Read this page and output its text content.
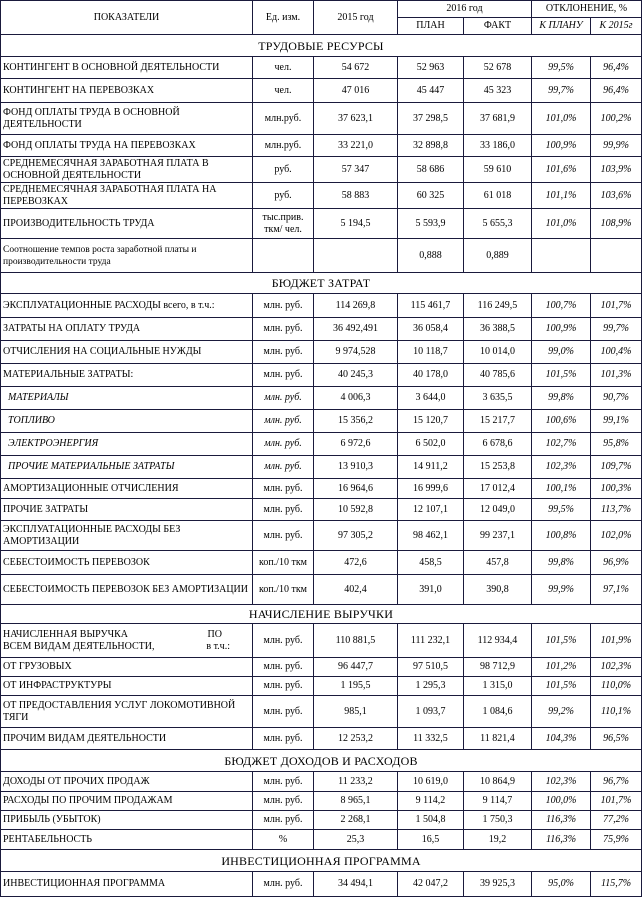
ПОКАЗАТЕЛИ	Ед. изм.	2015 год	2016 год		ОТКЛОНЕНИЕ, %	
			ПЛАН	ФАКТ	К ПЛАНУ	К 2015г
ТРУДОВЫЕ РЕСУРСЫ						
КОНТИНГЕНТ В ОСНОВНОЙ ДЕЯТЕЛЬНОСТИ	чел.	54 672	52 963	52 678	99,5%	96,4%
КОНТИНГЕНТ НА ПЕРЕВОЗКАХ	чел.	47 016	45 447	45 323	99,7%	96,4%
ФОНД ОПЛАТЫ ТРУДА В ОСНОВНОЙ ДЕЯТЕЛЬНОСТИ	млн.руб.	37 623,1	37 298,5	37 681,9	101,0%	100,2%
ФОНД ОПЛАТЫ ТРУДА НА ПЕРЕВОЗКАХ	млн.руб.	33 221,0	32 898,8	33 186,0	100,9%	99,9%
СРЕДНЕМЕСЯЧНАЯ ЗАРАБОТНАЯ ПЛАТА В ОСНОВНОЙ ДЕЯТЕЛЬНОСТИ	руб.	57 347	58 686	59 610	101,6%	103,9%
СРЕДНЕМЕСЯЧНАЯ ЗАРАБОТНАЯ ПЛАТА НА ПЕРЕВОЗКАХ	руб.	58 883	60 325	61 018	101,1%	103,6%
ПРОИЗВОДИТЕЛЬНОСТЬ ТРУДА	тыс.прив. ткм/ чел.	5 194,5	5 593,9	5 655,3	101,0%	108,9%
Соотношение темпов роста заработной платы и производительности труда			0,888	0,889		
БЮДЖЕТ ЗАТРАТ						
ЭКСПЛУАТАЦИОННЫЕ РАСХОДЫ всего, в т.ч.:	млн. руб.	114 269,8	115 461,7	116 249,5	100,7%	101,7%
ЗАТРАТЫ НА ОПЛАТУ ТРУДА	млн. руб.	36 492,491	36 058,4	36 388,5	100,9%	99,7%
ОТЧИСЛЕНИЯ НА СОЦИАЛЬНЫЕ НУЖДЫ	млн. руб.	9 974,528	10 118,7	10 014,0	99,0%	100,4%
МАТЕРИАЛЬНЫЕ ЗАТРАТЫ:	млн. руб.	40 245,3	40 178,0	40 785,6	101,5%	101,3%
МАТЕРИАЛЫ	млн. руб.	4 006,3	3 644,0	3 635,5	99,8%	90,7%
ТОПЛИВО	млн. руб.	15 356,2	15 120,7	15 217,7	100,6%	99,1%
ЭЛЕКТРОЭНЕРГИЯ	млн. руб.	6 972,6	6 502,0	6 678,6	102,7%	95,8%
ПРОЧИЕ МАТЕРИАЛЬНЫЕ ЗАТРАТЫ	млн. руб.	13 910,3	14 911,2	15 253,8	102,3%	109,7%
АМОРТИЗАЦИОННЫЕ ОТЧИСЛЕНИЯ	млн. руб.	16 964,6	16 999,6	17 012,4	100,1%	100,3%
ПРОЧИЕ ЗАТРАТЫ	млн. руб.	10 592,8	12 107,1	12 049,0	99,5%	113,7%
ЭКСПЛУАТАЦИОННЫЕ РАСХОДЫ БЕЗ АМОРТИЗАЦИИ	млн. руб.	97 305,2	98 462,1	99 237,1	100,8%	102,0%
СЕБЕСТОИМОСТЬ ПЕРЕВОЗОК	коп./10 ткм	472,6	458,5	457,8	99,8%	96,9%
СЕБЕСТОИМОСТЬ ПЕРЕВОЗОК БЕЗ АМОРТИЗАЦИИ	коп./10 ткм	402,4	391,0	390,8	99,9%	97,1%
НАЧИСЛЕНИЕ ВЫРУЧКИ						

НАЧИСЛЕННАЯ ВЫРУЧКА ПО
ВСЕМ ВИДАМ ДЕЯТЕЛЬНОСТИ, в т.ч.:	млн. руб.	110 881,5	111 232,1	112 934,4	101,5%	101,9%
ОТ ГРУЗОВЫХ	млн. руб.	96 447,7	97 510,5	98 712,9	101,2%	102,3%
ОТ ИНФРАСТРУКТУРЫ	млн. руб.	1 195,5	1 295,3	1 315,0	101,5%	110,0%
ОТ ПРЕДОСТАВЛЕНИЯ УСЛУГ ЛОКОМОТИВНОЙ ТЯГИ	млн. руб.	985,1	1 093,7	1 084,6	99,2%	110,1%
ПРОЧИМ ВИДАМ ДЕЯТЕЛЬНОСТИ	млн. руб.	12 253,2	11 332,5	11 821,4	104,3%	96,5%
БЮДЖЕТ ДОХОДОВ И РАСХОДОВ						
ДОХОДЫ ОТ ПРОЧИХ ПРОДАЖ	млн. руб.	11 233,2	10 619,0	10 864,9	102,3%	96,7%
РАСХОДЫ ПО ПРОЧИМ ПРОДАЖАМ	млн. руб.	8 965,1	9 114,2	9 114,7	100,0%	101,7%
ПРИБЫЛЬ (УБЫТОК)	млн. руб.	2 268,1	1 504,8	1 750,3	116,3%	77,2%
РЕНТАБЕЛЬНОСТЬ	%	25,3	16,5	19,2	116,3%	75,9%
ИНВЕСТИЦИОННАЯ ПРОГРАММА						
ИНВЕСТИЦИОННАЯ ПРОГРАММА	млн. руб.	34 494,1	42 047,2	39 925,3	95,0%	115,7%
